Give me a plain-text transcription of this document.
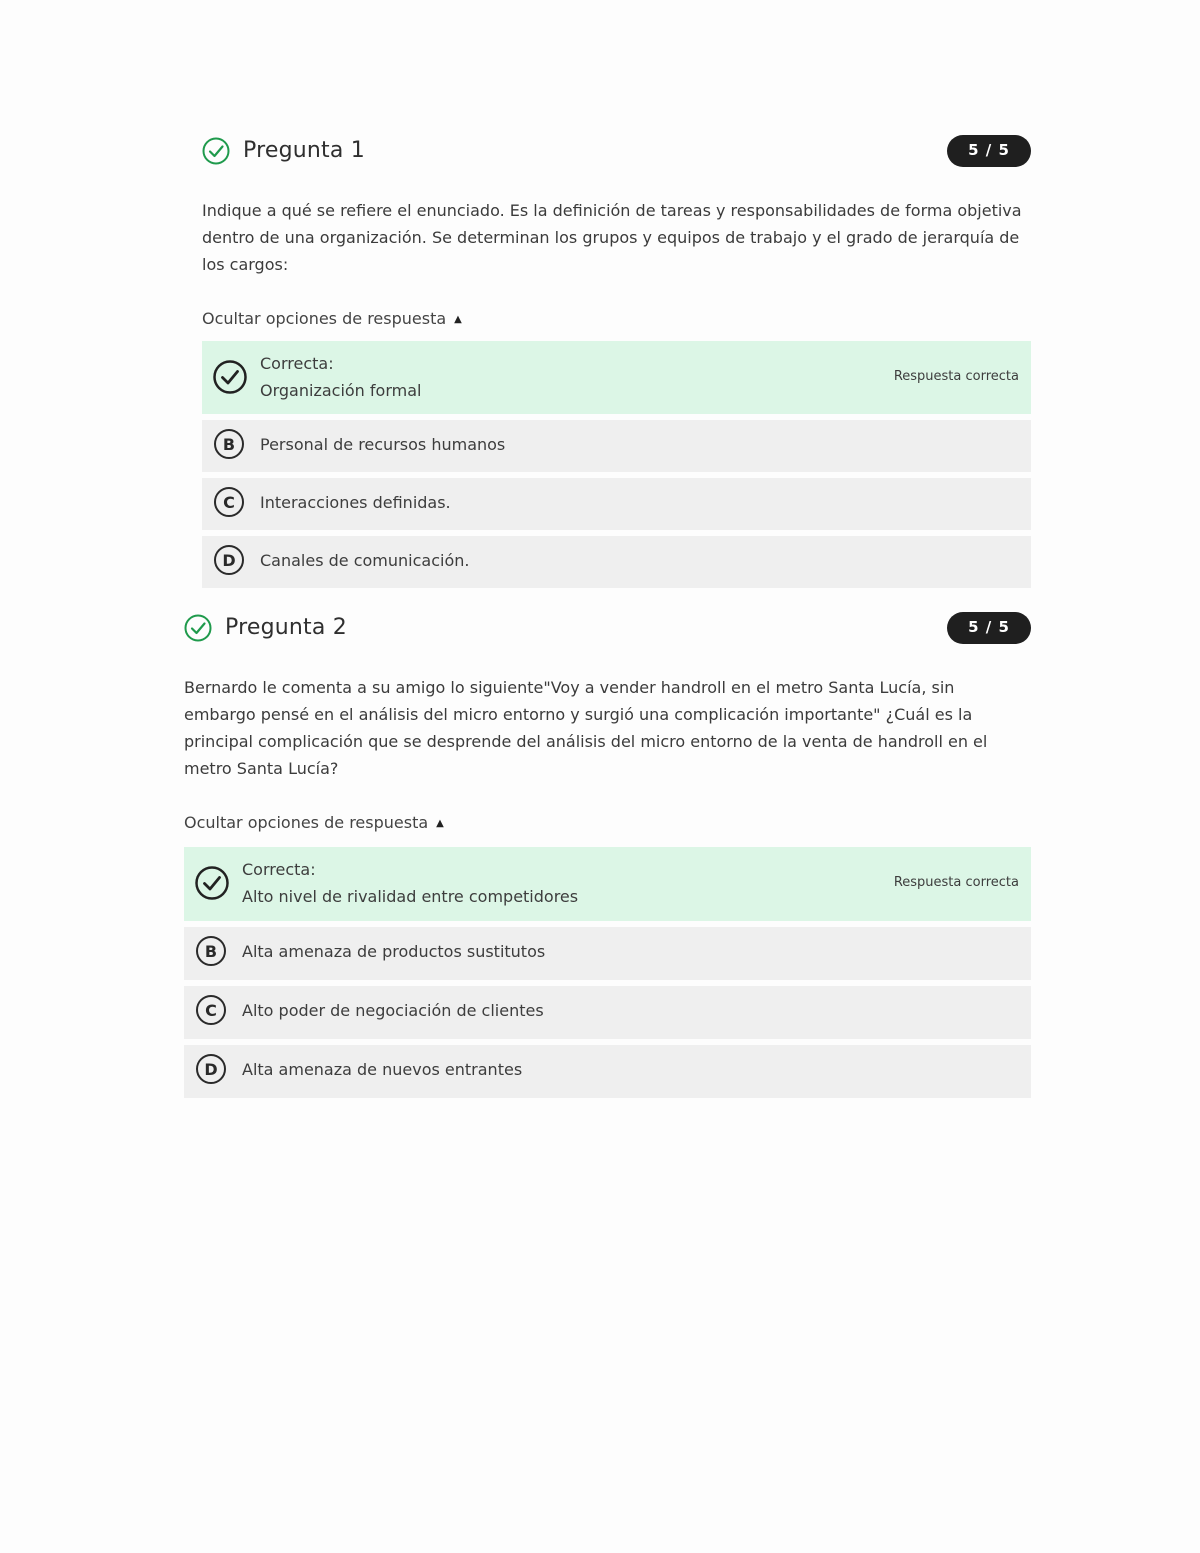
Pregunta 1	5 / 5
Indique a qué se refiere el enunciado. Es la definición de tareas y responsabilidades de forma objetiva dentro de una organización. Se determinan los grupos y equipos de trabajo y el grado de jerarquía de los cargos:
Ocultar opciones de respuesta ▲
Correcta:
Organización formal
Respuesta correcta
B	Personal de recursos humanos
C	Interacciones definidas.
D	Canales de comunicación.
Pregunta 2	5 / 5
Bernardo le comenta a su amigo lo siguiente"Voy a vender handroll en el metro Santa Lucía, sin embargo pensé en el análisis del micro entorno y surgió una complicación importante" ¿Cuál es la principal complicación que se desprende del análisis del micro entorno de la venta de handroll en el metro Santa Lucía?
Ocultar opciones de respuesta ▲
Correcta:
Alto nivel de rivalidad entre competidores
Respuesta correcta
B	Alta amenaza de productos sustitutos
C	Alto poder de negociación de clientes
D	Alta amenaza de nuevos entrantes
